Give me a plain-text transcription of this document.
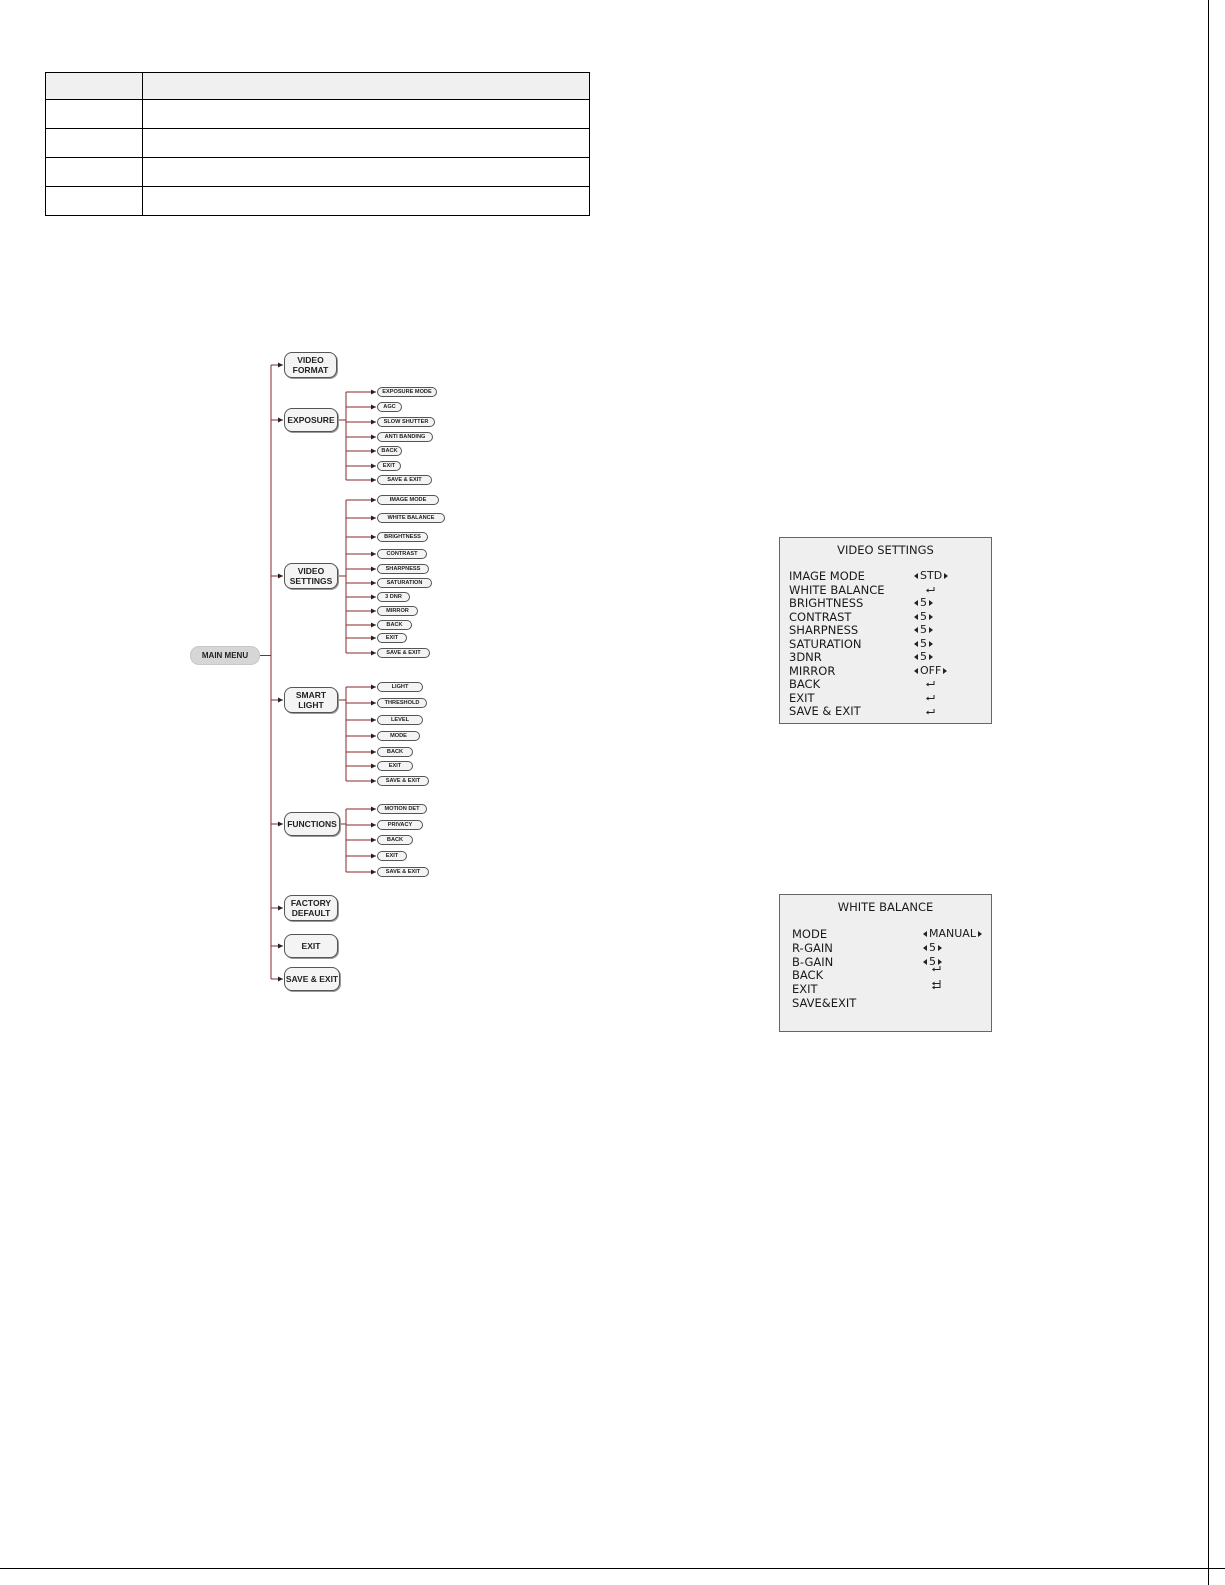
MAIN MENU
VIDEO
FORMAT
EXPOSURE
EXPOSURE MODE
AGC
SLOW SHUTTER
ANTI BANDING
BACK
EXIT
SAVE & EXIT
VIDEO
SETTINGS
IMAGE MODE
WHITE BALANCE
BRIGHTNESS
CONTRAST
SHARPNESS
SATURATION
3 DNR
MIRROR
BACK
EXIT
SAVE & EXIT
SMART
LIGHT
LIGHT
THRESHOLD
LEVEL
MODE
BACK
EXIT
SAVE & EXIT
FUNCTIONS
MOTION DET
PRIVACY
BACK
EXIT
SAVE & EXIT
FACTORY
DEFAULT
EXIT
SAVE & EXIT
VIDEO SETTINGS
IMAGE MODE	STD
WHITE BALANCE
BRIGHTNESS	5
CONTRAST	5
SHARPNESS	5
SATURATION	5
3DNR	5
MIRROR	OFF
BACK
EXIT
SAVE & EXIT
WHITE BALANCE
MODE	MANUAL
R-GAIN	5
B-GAIN	5
BACK
EXIT
SAVE&EXIT
